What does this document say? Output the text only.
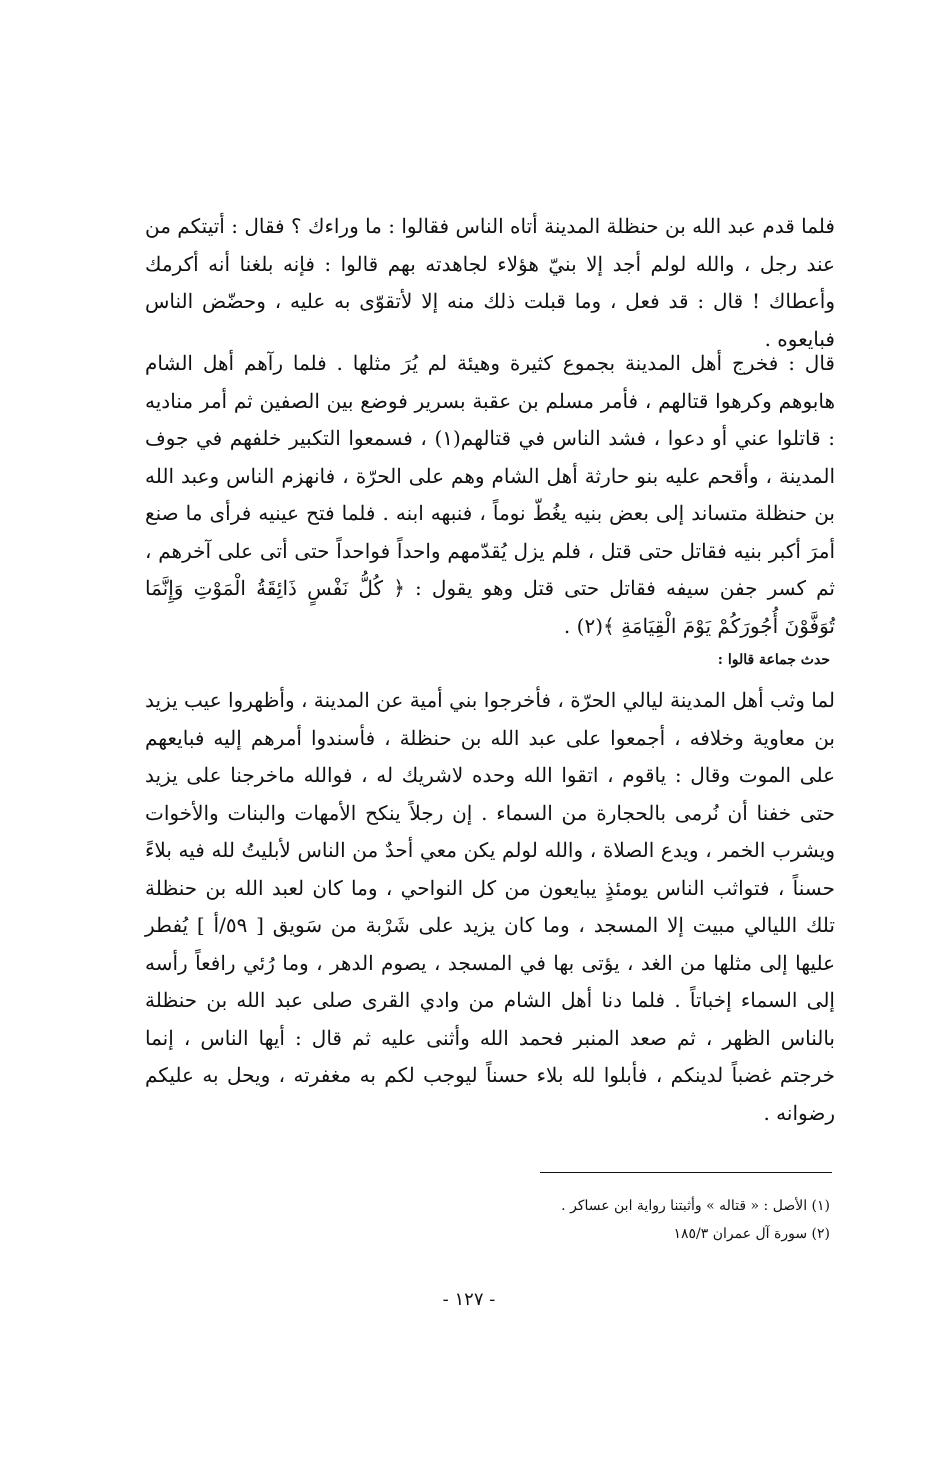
فلما قدم عبد الله بن حنظلة المدينة أتاه الناس فقالوا : ما وراءك ؟ فقال : أتيتكم من عند رجل ، والله لولم أجد إلا بنيّ هؤلاء لجاهدته بهم قالوا : فإنه بلغنا أنه أكرمك وأعطاك ! قال : قد فعل ، وما قبلت ذلك منه إلا لأتقوّى به عليه ، وحضّض الناس فبايعوه .

قال : فخرج أهل المدينة بجموع كثيرة وهيئة لم يُرَ مثلها . فلما رآهم أهل الشام هابوهم وكرهوا قتالهم ، فأمر مسلم بن عقبة بسرير فوضع بين الصفين ثم أمر مناديه : قاتلوا عني أو دعوا ، فشد الناس في قتالهم(١) ، فسمعوا التكبير خلفهم في جوف المدينة ، وأقحم عليه بنو حارثة أهل الشام وهم على الحرّة ، فانهزم الناس وعبد الله بن حنظلة متساند إلى بعض بنيه يغُطّ نوماً ، فنبهه ابنه . فلما فتح عينيه فرأى ما صنع أمرَ أكبر بنيه فقاتل حتى قتل ، فلم يزل يُقدّمهم واحداً فواحداً حتى أتى على آخرهم ، ثم كسر جفن سيفه فقاتل حتى قتل وهو يقول : ﴿ كُلُّ نَفْسٍ ذَائِقَةُ الْمَوْتِ وَإِنَّمَا تُوَفَّوْنَ أُجُورَكُمْ يَوْمَ الْقِيَامَةِ ﴾(٢) .

حدث جماعة قالوا :

لما وثب أهل المدينة ليالي الحرّة ، فأخرجوا بني أمية عن المدينة ، وأظهروا عيب يزيد بن معاوية وخلافه ، أجمعوا على عبد الله بن حنظلة ، فأسندوا أمرهم إليه فبايعهم على الموت وقال : ياقوم ، اتقوا الله وحده لاشريك له ، فوالله ماخرجنا على يزيد حتى خفنا أن نُرمى بالحجارة من السماء . إن رجلاً ينكح الأمهات والبنات والأخوات ويشرب الخمر ، ويدع الصلاة ، والله لولم يكن معي أحدٌ من الناس لأبليتُ لله فيه بلاءً حسناً ، فتواثب الناس يومئذٍ يبايعون من كل النواحي ، وما كان لعبد الله بن حنظلة تلك الليالي مبيت إلا المسجد ، وما كان يزيد على شَرْبة من سَويق [ ٥٩/أ ] يُفطر عليها إلى مثلها من الغد ، يؤتى بها في المسجد ، يصوم الدهر ، وما رُئي رافعاً رأسه إلى السماء إخباتاً . فلما دنا أهل الشام من وادي القرى صلى عبد الله بن حنظلة بالناس الظهر ، ثم صعد المنبر فحمد الله وأثنى عليه ثم قال : أيها الناس ، إنما خرجتم غضباً لدينكم ، فأبلوا لله بلاء حسناً ليوجب لكم به مغفرته ، ويحل به عليكم رضوانه .

(١) الأصل : « قتاله » وأثبتنا رواية ابن عساكر .
(٢) سورة آل عمران ١٨٥/٣
- ١٢٧ -
